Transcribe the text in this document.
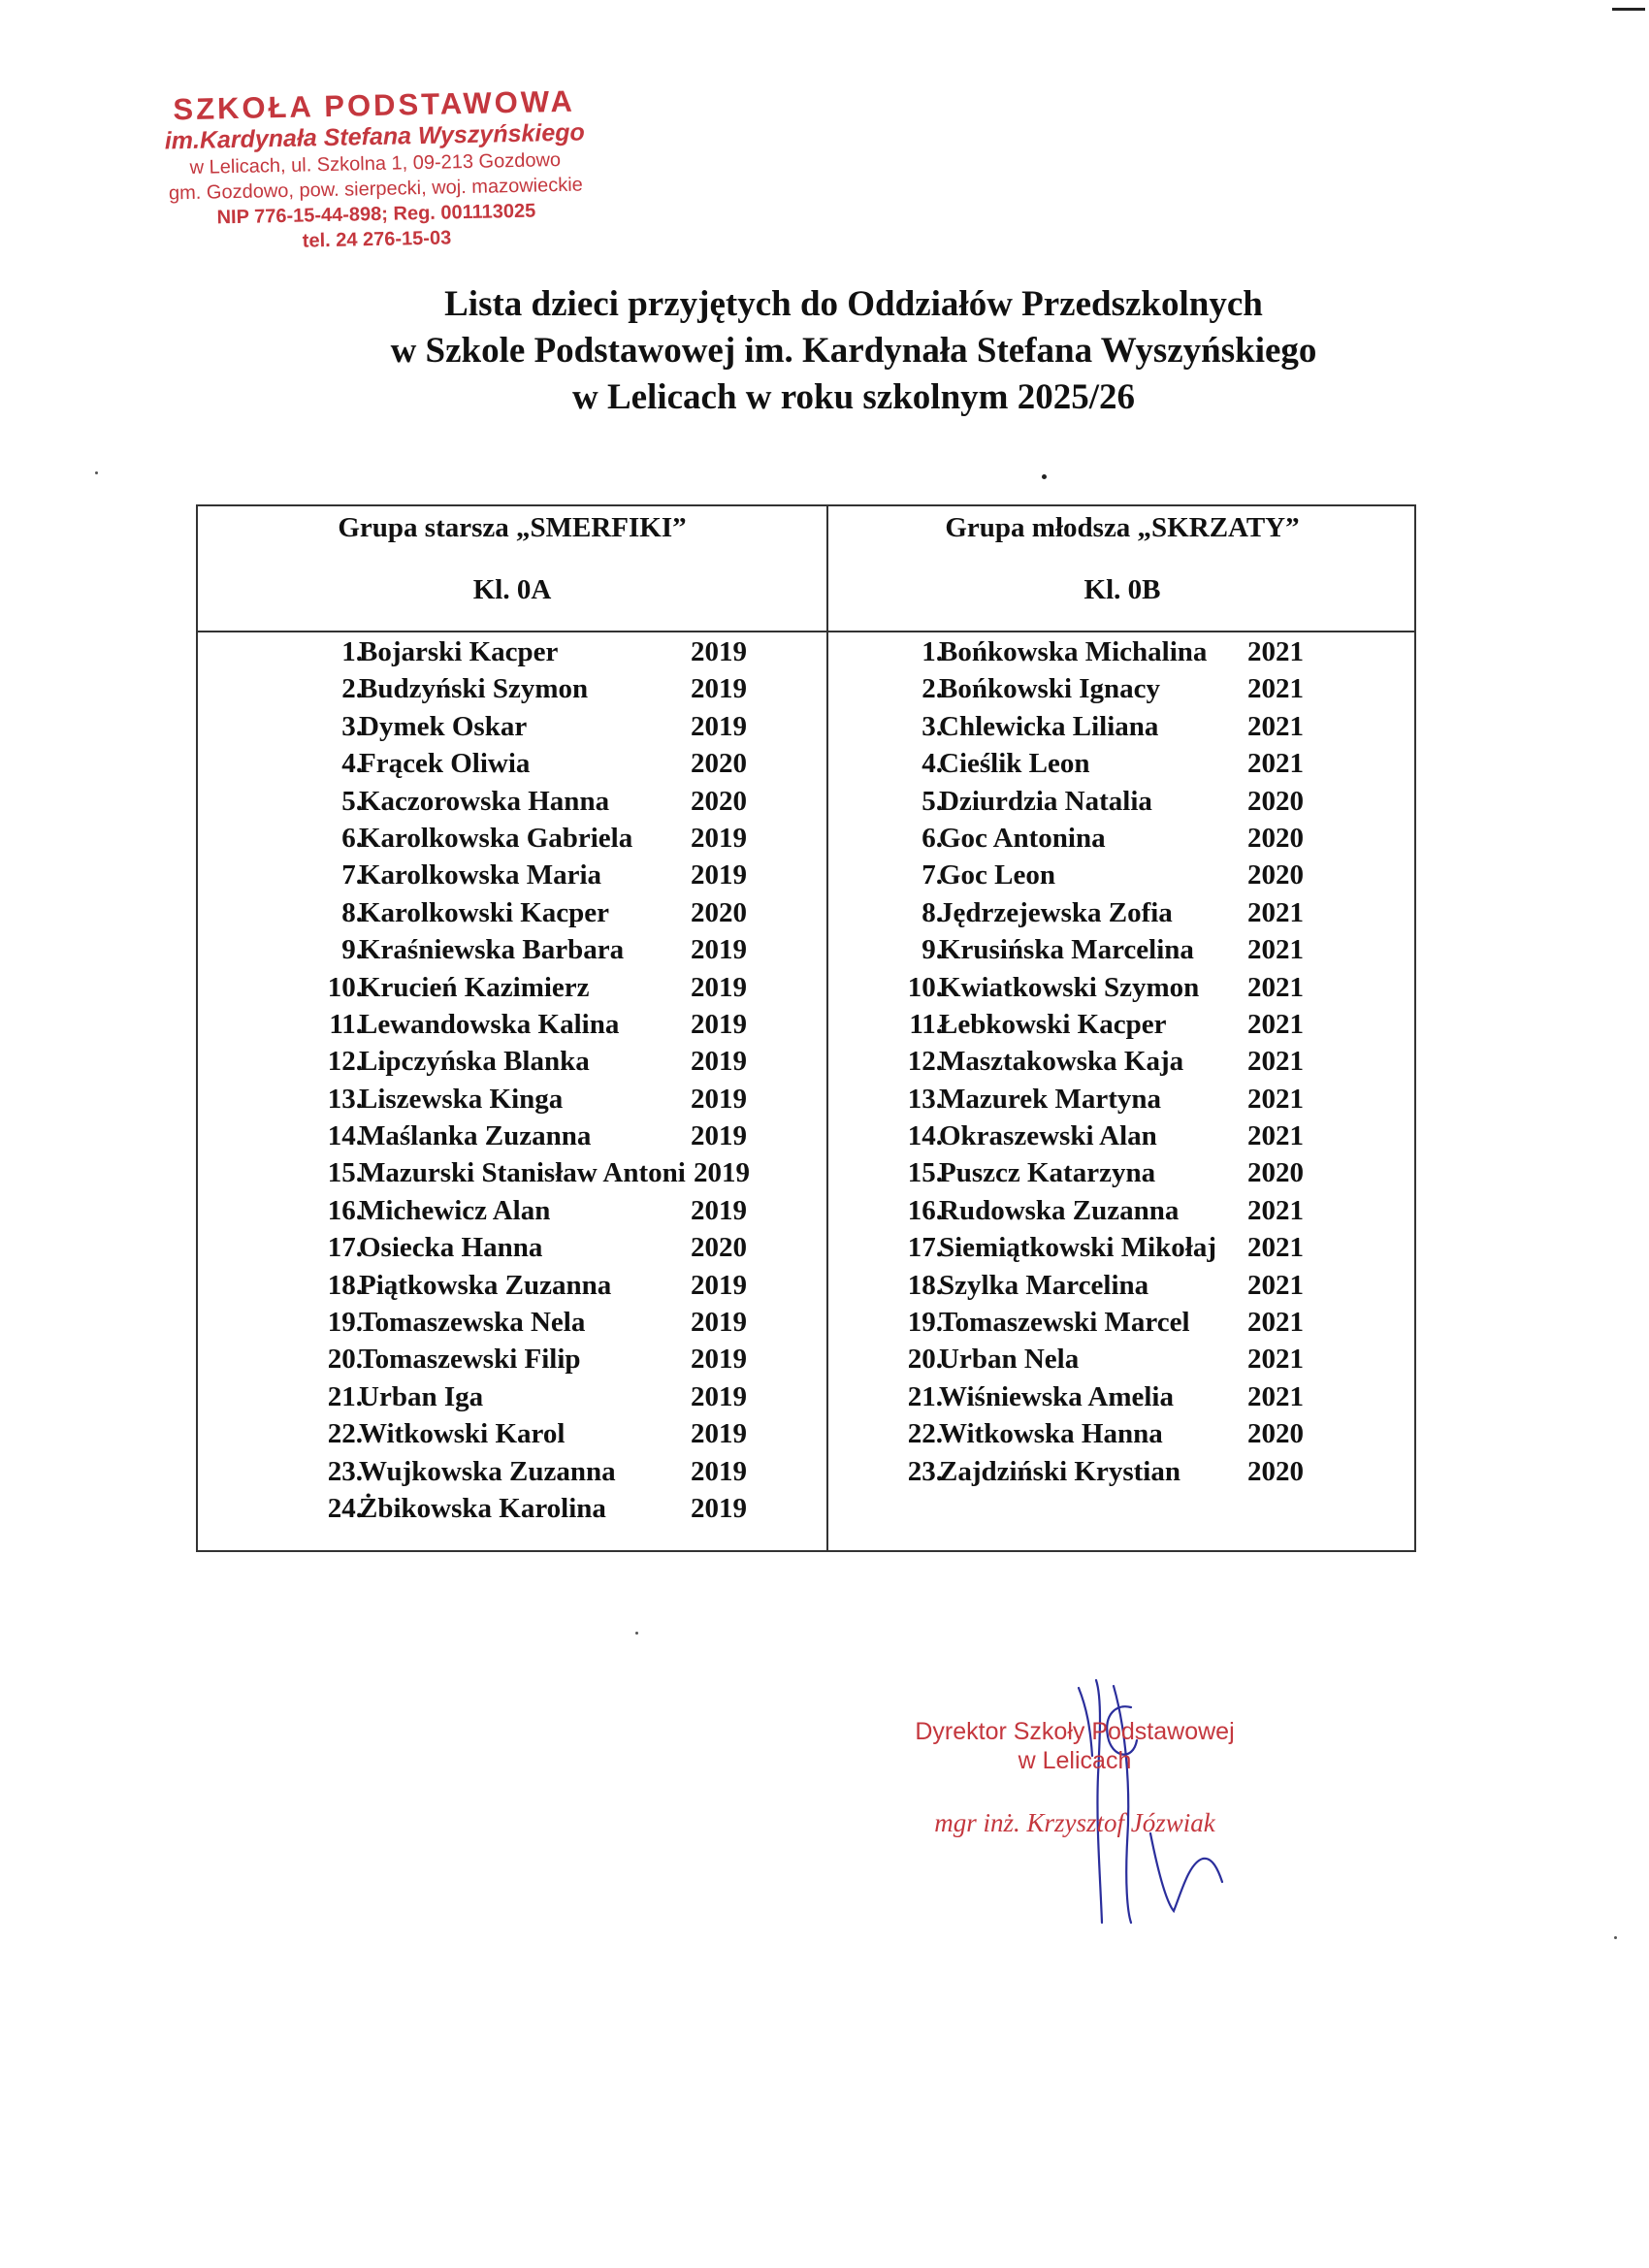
SZKOŁA PODSTAWOWA
im.Kardynała Stefana Wyszyńskiego
w Lelicach, ul. Szkolna 1, 09-213 Gozdowo
gm. Gozdowo, pow. sierpecki, woj. mazowieckie
NIP 776-15-44-898; Reg. 001113025
tel. 24 276-15-03
Lista dzieci przyjętych do Oddziałów Przedszkolnych
w Szkole Podstawowej im. Kardynała Stefana Wyszyńskiego
w Lelicach w roku szkolnym 2025/26
Grupa starsza „SMERFIKI”
Kl. 0A
Grupa młodsza „SKRZATY”
Kl. 0B
1.
Bojarski Kacper	2019
2.
Budzyński Szymon	2019
3.
Dymek Oskar	2019
4.
Frącek Oliwia	2020
5.
Kaczorowska Hanna	2020
6.
Karolkowska Gabriela 2019
7.
Karolkowska Maria	2019
8.
Karolkowski Kacper	2020
9.
Kraśniewska Barbara 2019
10.
Krucień Kazimierz	2019
11.
Lewandowska Kalina	2019
12.
Lipczyńska Blanka	2019
13.
Liszewska Kinga	2019
14.
Maślanka Zuzanna	2019
15.
Mazurski Stanisław Antoni 2019
16.
Michewicz Alan	2019
17.
Osiecka Hanna	2020
18.
Piątkowska Zuzanna	2019
19.
Tomaszewska Nela	2019
20.
Tomaszewski Filip	2019
21.
Urban Iga	2019
22.
Witkowski Karol	2019
23.
Wujkowska Zuzanna	2019
24.
Żbikowska Karolina	2019
1.
Bońkowska Michalina 2021
2.
Bońkowski Ignacy	2021
3.
Chlewicka Liliana	2021
4.
Cieślik Leon	2021
5.
Dziurdzia Natalia	2020
6.
Goc Antonina	2020
7.
Goc Leon	2020
8.
Jędrzejewska Zofia	2021
9.
Krusińska Marcelina 2021
10.
Kwiatkowski Szymon 2021
11.
Łebkowski Kacper	2021
12.
Masztakowska Kaja 2021
13.
Mazurek Martyna	2021
14.
Okraszewski Alan	2021
15.
Puszcz Katarzyna	2020
16.
Rudowska Zuzanna 2021
17.
Siemiątkowski Mikołaj 2021
18.
Szylka Marcelina	2021
19.
Tomaszewski Marcel 2021
20.
Urban Nela	2021
21.
Wiśniewska Amelia	2021
22.
Witkowska Hanna	2020
23.
Zajdziński Krystian 2020
Dyrektor Szkoły Podstawowej
w Lelicach
mgr inż. Krzysztof Józwiak
